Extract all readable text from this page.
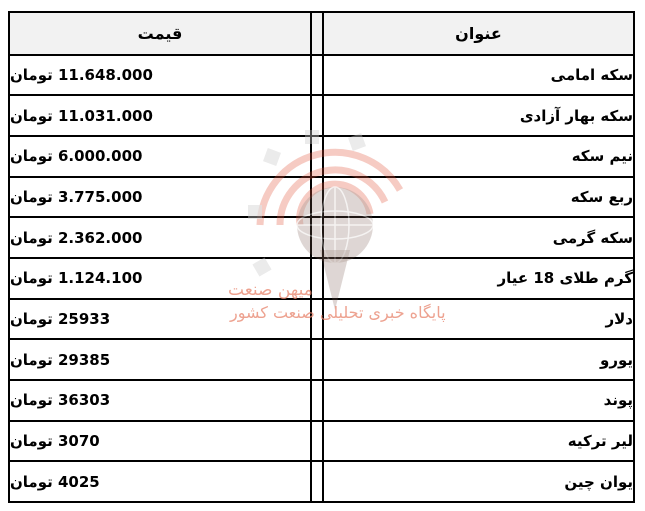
عنوان		قیمت
سکه امامی		11.648.000 تومان
سکه بهار آزادی		11.031.000 تومان
نیم سکه		6.000.000 تومان
ربع سکه		3.775.000 تومان
سکه گرمی		2.362.000 تومان
گرم طلای 18 عیار		1.124.100 تومان
دلار		25933 تومان
یورو		29385 تومان
پوند		36303 تومان
لیر ترکیه		3070 تومان
یوان چین		4025 تومان
میهن صنعت
پایگاه خبری تحلیلی صنعت کشور
